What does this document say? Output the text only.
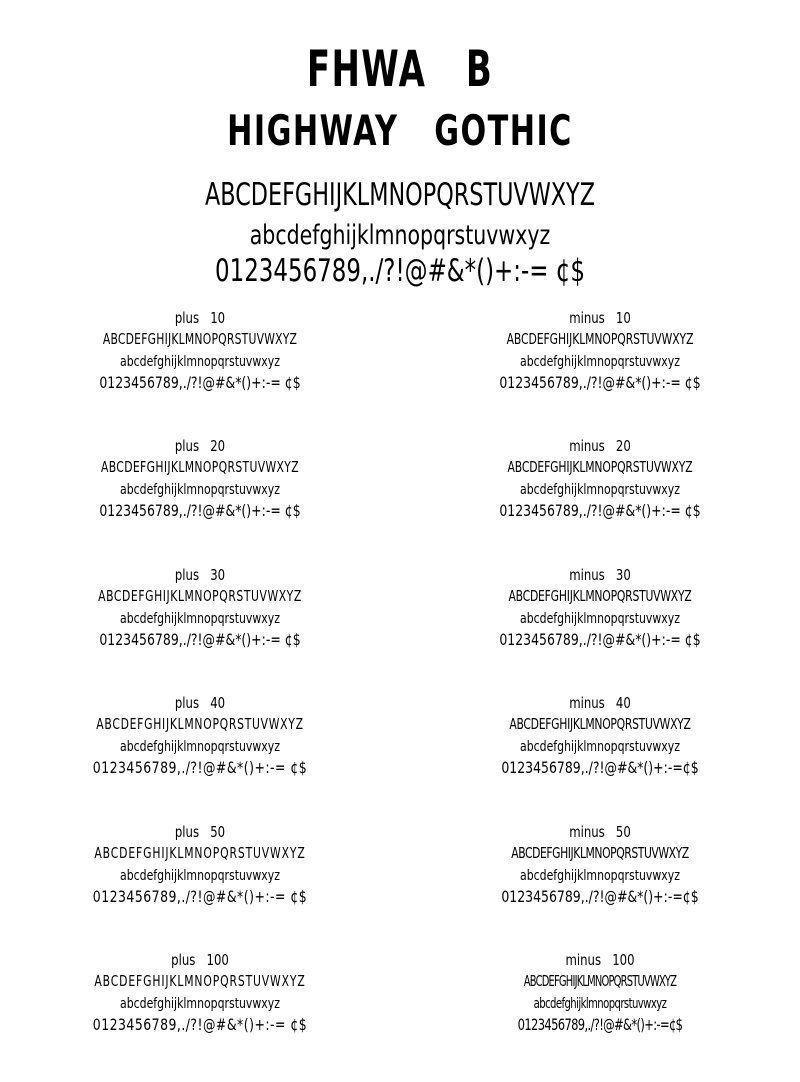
FHWA   B
HIGHWAY   GOTHIC
ABCDEFGHIJKLMNOPQRSTUVWXYZ
abcdefghijklmnopqrstuvwxyz
0123456789,./?!@#&*()+:-= ¢$
plus   10
ABCDEFGHIJKLMNOPQRSTUVWXYZ
abcdefghijklmnopqrstuvwxyz
0123456789,./?!@#&*()+:-= ¢$
plus   20
ABCDEFGHIJKLMNOPQRSTUVWXYZ
abcdefghijklmnopqrstuvwxyz
0123456789,./?!@#&*()+:-= ¢$
plus   30
ABCDEFGHIJKLMNOPQRSTUVWXYZ
abcdefghijklmnopqrstuvwxyz
0123456789,./?!@#&*()+:-= ¢$
plus   40
ABCDEFGHIJKLMNOPQRSTUVWXYZ
abcdefghijklmnopqrstuvwxyz
0123456789,./?!@#&*()+:-= ¢$
plus   50
ABCDEFGHIJKLMNOPQRSTUVWXYZ
abcdefghijklmnopqrstuvwxyz
0123456789,./?!@#&*()+:-= ¢$
plus   100
ABCDEFGHIJKLMNOPQRSTUVWXYZ
abcdefghijklmnopqrstuvwxyz
0123456789,./?!@#&*()+:-= ¢$
minus   10
ABCDEFGHIJKLMNOPQRSTUVWXYZ
abcdefghijklmnopqrstuvwxyz
0123456789,./?!@#&*()+:-= ¢$
minus   20
ABCDEFGHIJKLMNOPQRSTUVWXYZ
abcdefghijklmnopqrstuvwxyz
0123456789,./?!@#&*()+:-= ¢$
minus   30
ABCDEFGHIJKLMNOPQRSTUVWXYZ
abcdefghijklmnopqrstuvwxyz
0123456789,./?!@#&*()+:-= ¢$
minus   40
ABCDEFGHIJKLMNOPQRSTUVWXYZ
abcdefghijklmnopqrstuvwxyz
0123456789,./?!@#&*()+:-=¢$
minus   50
ABCDEFGHIJKLMNOPQRSTUVWXYZ
abcdefghijklmnopqrstuvwxyz
0123456789,./?!@#&*()+:-=¢$
minus   100
ABCDEFGHIJKLMNOPQRSTUVWXYZ
abcdefghijklmnopqrstuvwxyz
0123456789,./?!@#&*()+:-=¢$
